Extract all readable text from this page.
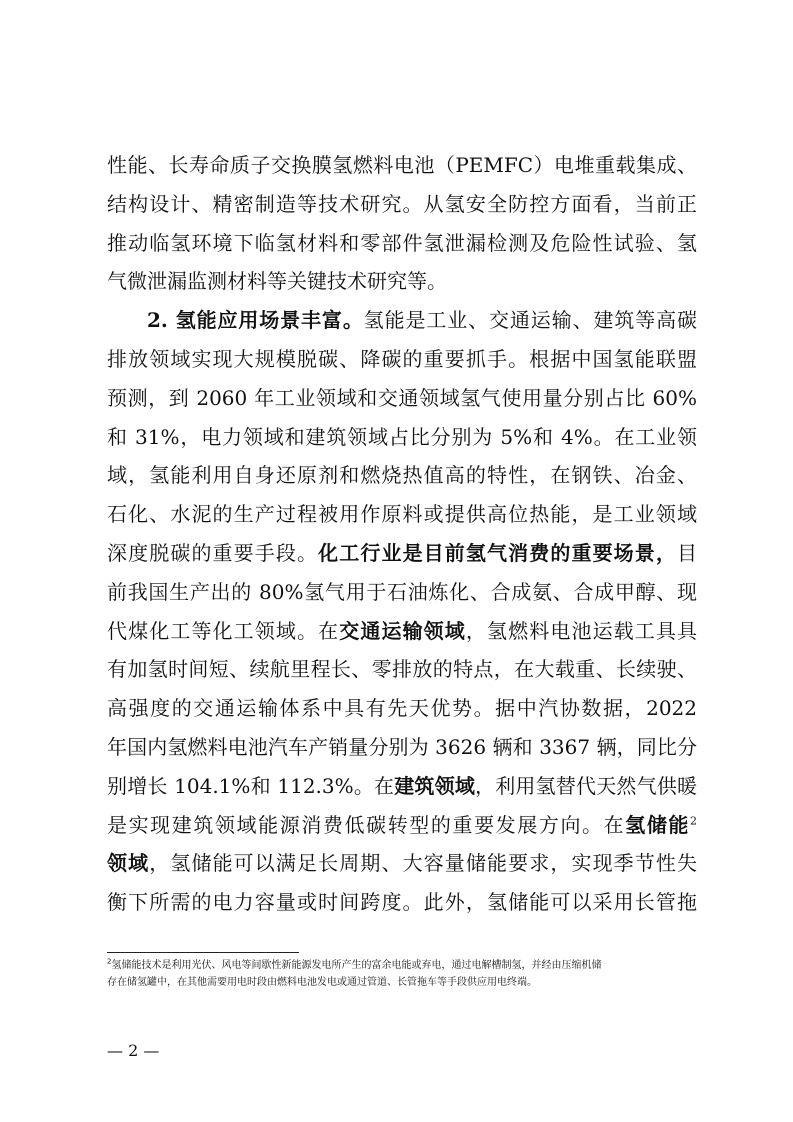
性能、长寿命质子交换膜氢燃料电池（PEMFC）电堆重载集成、
结构设计、精密制造等技术研究。从氢安全防控方面看，当前正
推动临氢环境下临氢材料和零部件氢泄漏检测及危险性试验、氢
气微泄漏监测材料等关键技术研究等。
2. 氢能应用场景丰富。氢能是工业、交通运输、建筑等高碳
排放领域实现大规模脱碳、降碳的重要抓手。根据中国氢能联盟
预测，到 2060 年工业领域和交通领域氢气使用量分别占比 60%
和 31%，电力领域和建筑领域占比分别为 5%和 4%。在工业领
域，氢能利用自身还原剂和燃烧热值高的特性，在钢铁、冶金、
石化、水泥的生产过程被用作原料或提供高位热能，是工业领域
深度脱碳的重要手段。化工行业是目前氢气消费的重要场景，目
前我国生产出的 80%氢气用于石油炼化、合成氨、合成甲醇、现
代煤化工等化工领域。在交通运输领域，氢燃料电池运载工具具
有加氢时间短、续航里程长、零排放的特点，在大载重、长续驶、
高强度的交通运输体系中具有先天优势。据中汽协数据，2022
年国内氢燃料电池汽车产销量分别为 3626 辆和 3367 辆，同比分
别增长 104.1%和 112.3%。在建筑领域，利用氢替代天然气供暖
是实现建筑领域能源消费低碳转型的重要发展方向。在氢储能$^2$
领域，氢储能可以满足长周期、大容量储能要求，实现季节性失
衡下所需的电力容量或时间跨度。此外，氢储能可以采用长管拖
$^2$氢储能技术是利用光伏、风电等间歇性新能源发电所产生的富余电能或弃电，通过电解槽制氢，并经由压缩机储
存在储氢罐中，在其他需要用电时段由燃料电池发电或通过管道、长管拖车等手段供应用电终端。
— 2 —
